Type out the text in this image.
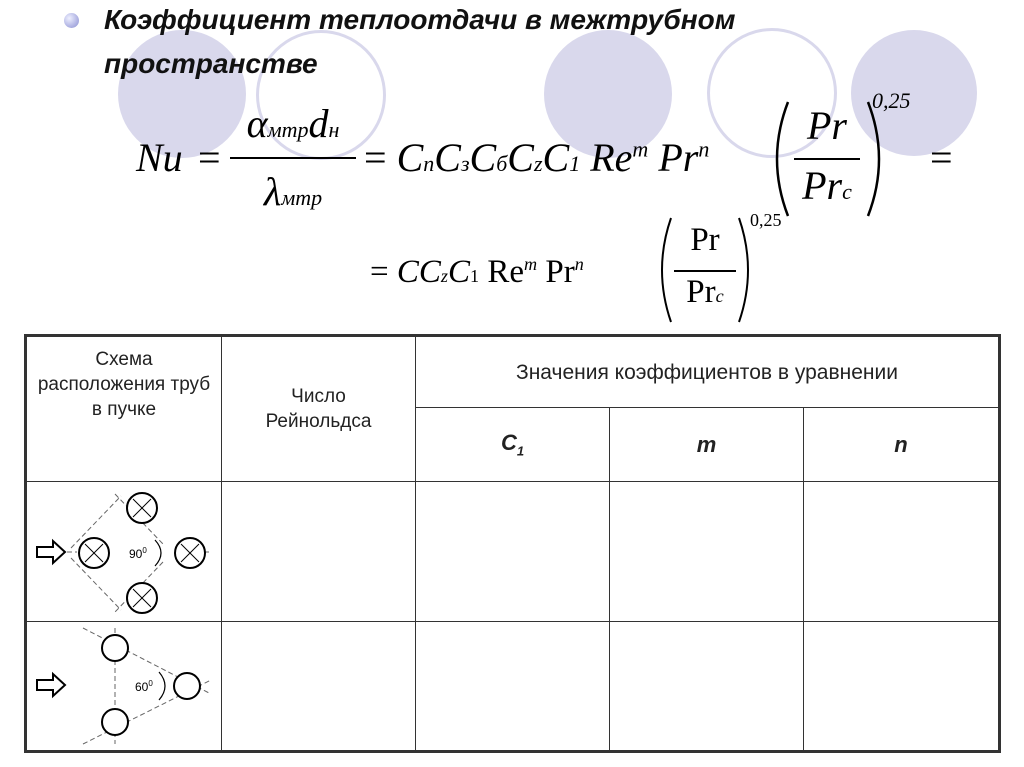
Коэффициент теплоотдачи в межтрубном пространстве
Nu =
αмтрdн
λмтр
= CnCзCбCzC1 Re$^m$ Pr$^n$
Pr
Prc
0,25
=
= CCzC1 Re$^m$ Pr$^n$
Pr
Prc
0,25
Схема расположения труб в пучке	Число Рейнольдса	Значения коэффициентов в уравнении		
		$C_1$	m	n

$90^0$

$60^0$
